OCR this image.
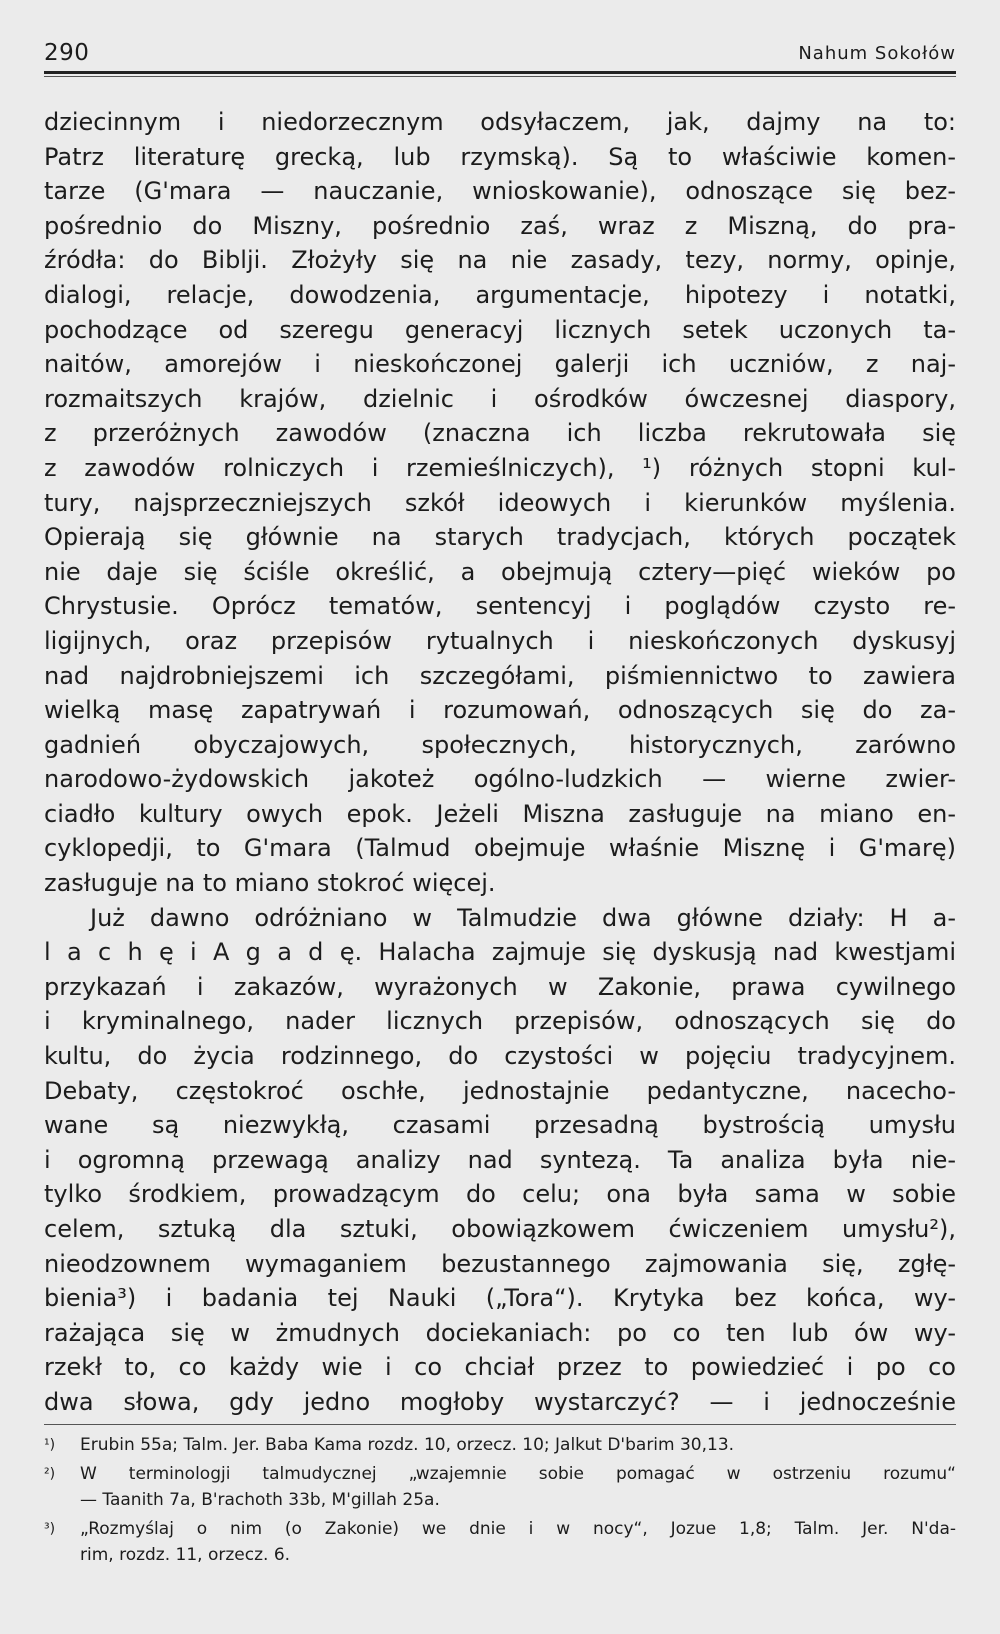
290	Nahum Sokołów
dziecinnym i niedorzecznym odsyłaczem, jak, dajmy na to:
Patrz literaturę grecką, lub rzymską). Są to właściwie komen-
tarze (G'mara — nauczanie, wnioskowanie), odnoszące się bez-
pośrednio do Miszny, pośrednio zaś, wraz z Miszną, do pra-
źródła: do Biblji. Złożyły się na nie zasady, tezy, normy, opinje,
dialogi, relacje, dowodzenia, argumentacje, hipotezy i notatki,
pochodzące od szeregu generacyj licznych setek uczonych ta-
naitów, amorejów i nieskończonej galerji ich uczniów, z naj-
rozmaitszych krajów, dzielnic i ośrodków ówczesnej diaspory,
z przeróżnych zawodów (znaczna ich liczba rekrutowała się
z zawodów rolniczych i rzemieślniczych), ¹) różnych stopni kul-
tury, najsprzeczniejszych szkół ideowych i kierunków myślenia.
Opierają się głównie na starych tradycjach, których początek
nie daje się ściśle określić, a obejmują cztery—pięć wieków po
Chrystusie. Oprócz tematów, sentencyj i poglądów czysto re-
ligijnych, oraz przepisów rytualnych i nieskończonych dyskusyj
nad najdrobniejszemi ich szczegółami, piśmiennictwo to zawiera
wielką masę zapatrywań i rozumowań, odnoszących się do za-
gadnień obyczajowych, społecznych, historycznych, zarówno
narodowo-żydowskich jakoteż ogólno-ludzkich — wierne zwier-
ciadło kultury owych epok. Jeżeli Miszna zasługuje na miano en-
cyklopedji, to G'mara (Talmud obejmuje właśnie Misznę i G'marę)
zasługuje na to miano stokroć więcej.
Już dawno odróżniano w Talmudzie dwa główne działy: H a-
l a c h ę i A g a d ę. Halacha zajmuje się dyskusją nad kwestjami
przykazań i zakazów, wyrażonych w Zakonie, prawa cywilnego
i kryminalnego, nader licznych przepisów, odnoszących się do
kultu, do życia rodzinnego, do czystości w pojęciu tradycyjnem.
Debaty, częstokroć oschłe, jednostajnie pedantyczne, nacecho-
wane są niezwykłą, czasami przesadną bystrością umysłu
i ogromną przewagą analizy nad syntezą. Ta analiza była nie-
tylko środkiem, prowadzącym do celu; ona była sama w sobie
celem, sztuką dla sztuki, obowiązkowem ćwiczeniem umysłu²),
nieodzownem wymaganiem bezustannego zajmowania się, zgłę-
bienia³) i badania tej Nauki („Tora“). Krytyka bez końca, wy-
rażająca się w żmudnych dociekaniach: po co ten lub ów wy-
rzekł to, co każdy wie i co chciał przez to powiedzieć i po co
dwa słowa, gdy jedno mogłoby wystarczyć? — i jednocześnie
¹)	Erubin 55a; Talm. Jer. Baba Kama rozdz. 10, orzecz. 10; Jalkut D'barim 30,13.
²)	W terminologji talmudycznej „wzajemnie sobie pomagać w ostrzeniu rozumu“
— Taanith 7a, B'rachoth 33b, M'gillah 25a.
³)	„Rozmyślaj o nim (o Zakonie) we dnie i w nocy“, Jozue 1,8; Talm. Jer. N'da-
rim, rozdz. 11, orzecz. 6.
